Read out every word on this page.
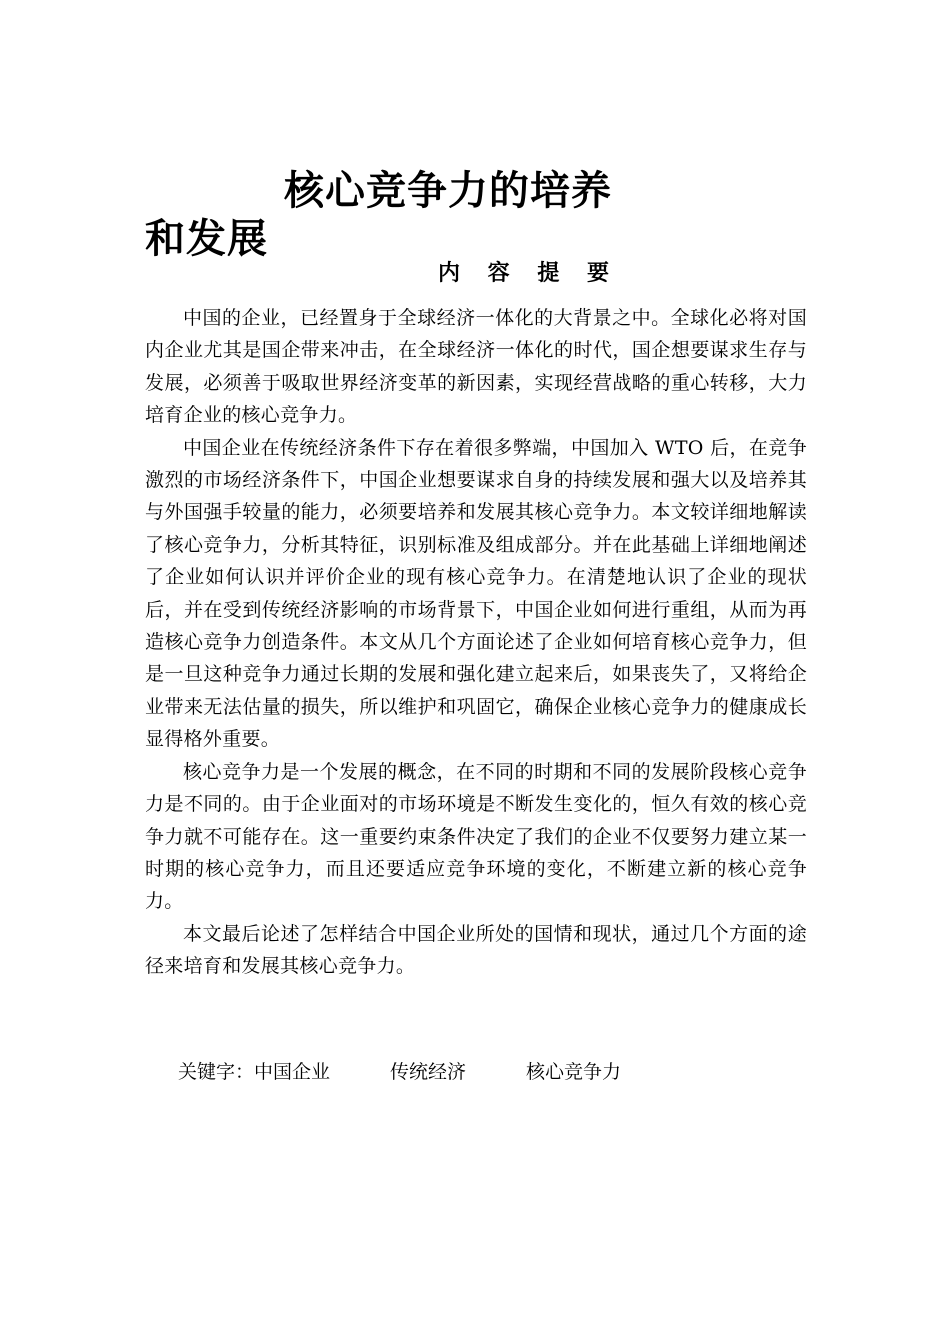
核心竞争力的培养
和发展
内 容 提 要

中国的企业，已经置身于全球经济一体化的大背景之中。全球化必将对国内企业尤其是国企带来冲击，在全球经济一体化的时代，国企想要谋求生存与发展，必须善于吸取世界经济变革的新因素，实现经营战略的重心转移，大力培育企业的核心竞争力。

中国企业在传统经济条件下存在着很多弊端，中国加入 WTO 后，在竞争激烈的市场经济条件下，中国企业想要谋求自身的持续发展和强大以及培养其与外国强手较量的能力，必须要培养和发展其核心竞争力。本文较详细地解读了核心竞争力，分析其特征，识别标准及组成部分。并在此基础上详细地阐述了企业如何认识并评价企业的现有核心竞争力。在清楚地认识了企业的现状后，并在受到传统经济影响的市场背景下，中国企业如何进行重组，从而为再造核心竞争力创造条件。本文从几个方面论述了企业如何培育核心竞争力，但是一旦这种竞争力通过长期的发展和强化建立起来后，如果丧失了，又将给企业带来无法估量的损失，所以维护和巩固它，确保企业核心竞争力的健康成长显得格外重要。

核心竞争力是一个发展的概念，在不同的时期和不同的发展阶段核心竞争力是不同的。由于企业面对的市场环境是不断发生变化的，恒久有效的核心竞争力就不可能存在。这一重要约束条件决定了我们的企业不仅要努力建立某一时期的核心竞争力，而且还要适应竞争环境的变化，不断建立新的核心竞争力。

本文最后论述了怎样结合中国企业所处的国情和现状，通过几个方面的途径来培育和发展其核心竞争力。

关键字：中国企业	传统经济	核心竞争力
